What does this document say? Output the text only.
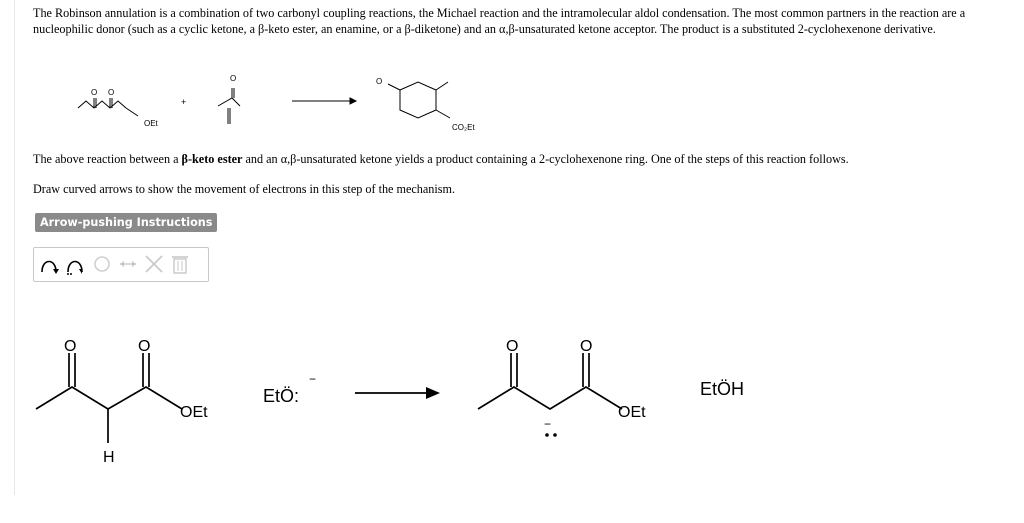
The Robinson annulation is a combination of two carbonyl coupling reactions, the Michael reaction and the intramolecular aldol condensation. The most common partners in the reaction are a nucleophilic donor (such as a cyclic ketone, a β-keto ester, an enamine, or a β-diketone) and an α,β-unsaturated ketone acceptor. The product is a substituted 2-cyclohexenone derivative.
O O
OEt
+
O	O
CO₂Et
The above reaction between a β-keto ester and an α,β-unsaturated ketone yields a product containing a 2-cyclohexenone ring. One of the steps of this reaction follows.
Draw curved arrows to show the movement of electrons in this step of the mechanism.
Arrow-pushing Instructions
O	O
OEt
H
EtÖ:
−
O	O
OEt
−
EtÖH
